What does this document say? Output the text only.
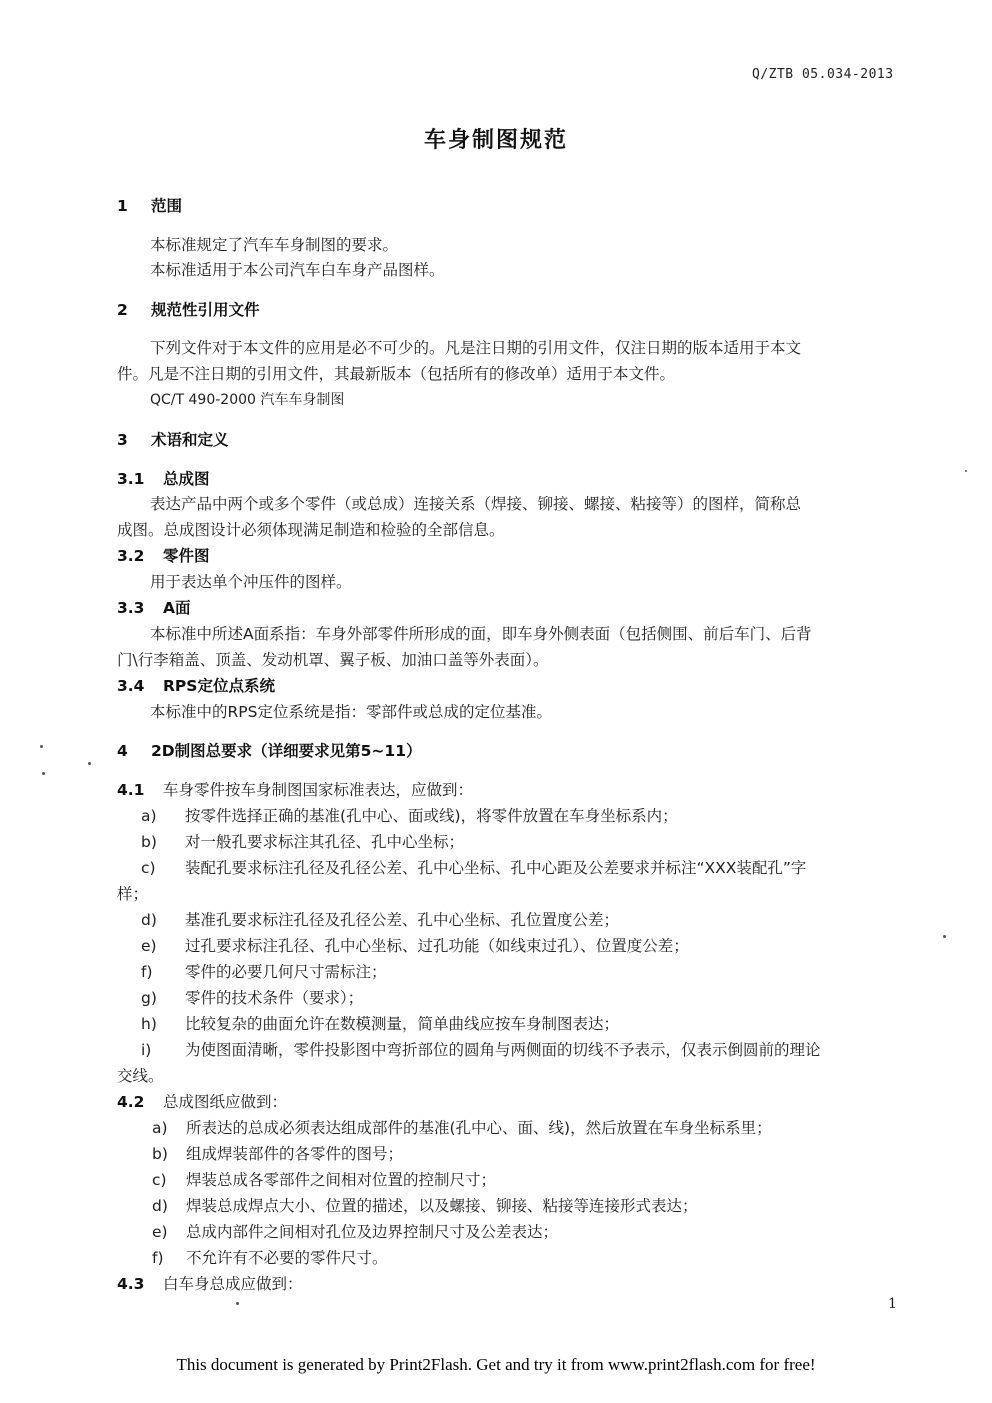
Q/ZTB 05.034-2013
车身制图规范
1 范围
本标准规定了汽车车身制图的要求。
本标准适用于本公司汽车白车身产品图样。
2 规范性引用文件
下列文件对于本文件的应用是必不可少的。凡是注日期的引用文件，仅注日期的版本适用于本文
件。凡是不注日期的引用文件，其最新版本（包括所有的修改单）适用于本文件。
QC/T 490-2000 汽车车身制图
3 术语和定义
3.1 总成图
表达产品中两个或多个零件（或总成）连接关系（焊接、铆接、螺接、粘接等）的图样，简称总
成图。总成图设计必须体现满足制造和检验的全部信息。
3.2 零件图
用于表达单个冲压件的图样。
3.3 A面
本标准中所述A面系指：车身外部零件所形成的面，即车身外侧表面（包括侧围、前后车门、后背
门\行李箱盖、顶盖、发动机罩、翼子板、加油口盖等外表面）。
3.4 RPS定位点系统
本标准中的RPS定位系统是指：零部件或总成的定位基准。
4 2D制图总要求（详细要求见第5~11）
4.1 车身零件按车身制图国家标准表达，应做到：
a) 按零件选择正确的基准(孔中心、面或线)，将零件放置在车身坐标系内；
b) 对一般孔要求标注其孔径、孔中心坐标；
c) 装配孔要求标注孔径及孔径公差、孔中心坐标、孔中心距及公差要求并标注“XXX装配孔”字
样；
d) 基准孔要求标注孔径及孔径公差、孔中心坐标、孔位置度公差；
e) 过孔要求标注孔径、孔中心坐标、过孔功能（如线束过孔）、位置度公差；
f) 零件的必要几何尺寸需标注；
g) 零件的技术条件（要求）；
h) 比较复杂的曲面允许在数模测量，简单曲线应按车身制图表达；
i) 为使图面清晰，零件投影图中弯折部位的圆角与两侧面的切线不予表示，仅表示倒圆前的理论
交线。
4.2 总成图纸应做到：
a) 所表达的总成必须表达组成部件的基准(孔中心、面、线)，然后放置在车身坐标系里；
b) 组成焊装部件的各零件的图号；
c) 焊装总成各零部件之间相对位置的控制尺寸；
d) 焊装总成焊点大小、位置的描述，以及螺接、铆接、粘接等连接形式表达；
e) 总成内部件之间相对孔位及边界控制尺寸及公差表达；
f) 不允许有不必要的零件尺寸。
4.3 白车身总成应做到：
1
This document is generated by Print2Flash. Get and try it from www.print2flash.com for free!
